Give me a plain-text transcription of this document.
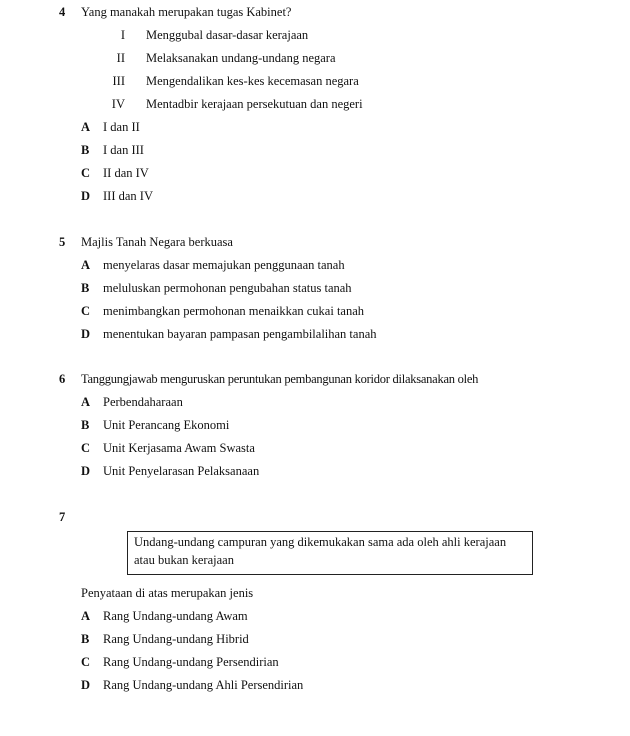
4 Yang manakah merupakan tugas Kabinet?
I Menggubal dasar-dasar kerajaan
II Melaksanakan undang-undang negara
III Mengendalikan kes-kes kecemasan negara
IV Mentadbir kerajaan persekutuan dan negeri
A I dan II
B I dan III
C II dan IV
D III dan IV
5 Majlis Tanah Negara berkuasa
A menyelaras dasar memajukan penggunaan tanah
B meluluskan permohonan pengubahan status tanah
C menimbangkan permohonan menaikkan cukai tanah
D menentukan bayaran pampasan pengambilalihan tanah
6 Tanggungjawab menguruskan peruntukan pembangunan koridor dilaksanakan oleh
A Perbendaharaan
B Unit Perancang Ekonomi
C Unit Kerjasama Awam Swasta
D Unit Penyelarasan Pelaksanaan
7
Undang-undang campuran yang dikemukakan sama ada oleh ahli kerajaan atau bukan kerajaan
Penyataan di atas merupakan jenis
A Rang Undang-undang Awam
B Rang Undang-undang Hibrid
C Rang Undang-undang Persendirian
D Rang Undang-undang Ahli Persendirian
